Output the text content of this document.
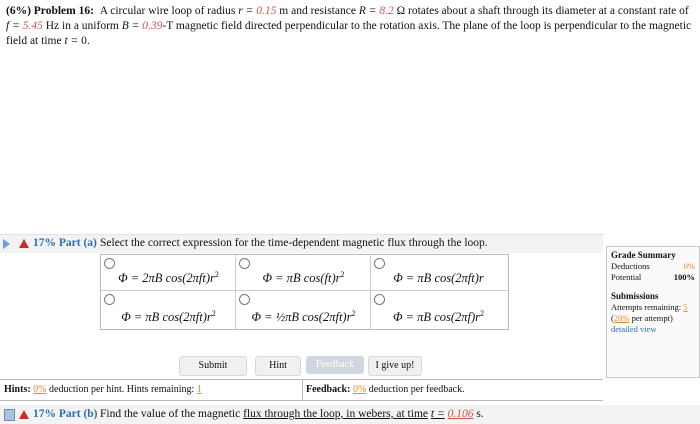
(6%) Problem 16: A circular wire loop of radius r = 0.15 m and resistance R = 8.2 Ω rotates about a shaft through its diameter at a constant rate of f = 5.45 Hz in a uniform B = 0.39-T magnetic field directed perpendicular to the rotation axis. The plane of the loop is perpendicular to the magnetic field at time t = 0.
17% Part (a) Select the correct expression for the time-dependent magnetic flux through the loop.
Φ = 2πB $\cos(2\pi ft)r^2$	Φ = πB $\cos(ft)r^2$	Φ = πB cos(2πft)r
Φ = πB $\cos(2\pi ft)r^2$	Φ = ½πB $\cos(2\pi ft)r^2$	Φ = πB $\cos(2\pi f)r^2$
Submit	Hint	Feedback	I give up!
Hints: 0% deduction per hint. Hints remaining: 1	Feedback: 0% deduction per feedback.
17% Part (b) Find the value of the magnetic flux through the loop, in webers, at time t = 0.106 s.
Grade Summary
Deductions	0%
Potential	100%
Submissions
Attempts remaining: 5
(20% per attempt)
detailed view
